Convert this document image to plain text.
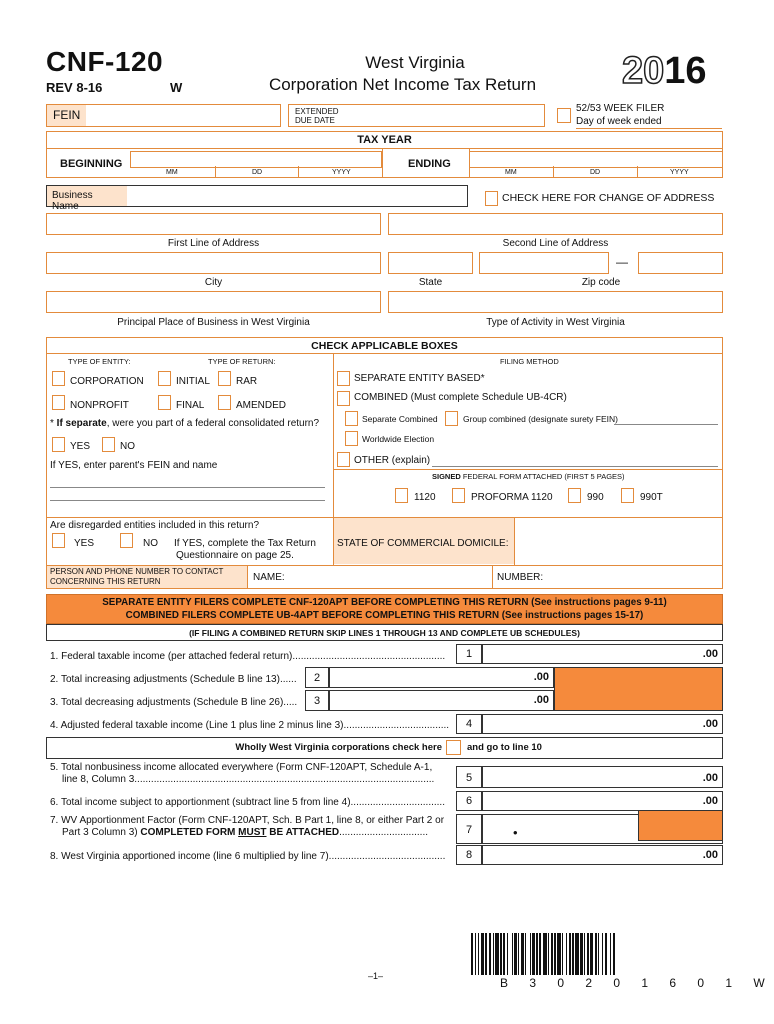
CNF-120
REV 8-16	W
West Virginia
Corporation Net Income Tax Return	2016
FEIN	EXTENDED
DUE DATE
52/53 WEEK FILER
Day of week ended
TAX YEAR
BEGINNING
MM	DD	YYYY
ENDING
MM	DD	YYYY
Business Name
CHECK HERE FOR CHANGE OF ADDRESS
First Line of Address	Second Line of Address
—
City	State	Zip code
Principal Place of Business in West Virginia	Type of Activity in West Virginia
CHECK APPLICABLE BOXES
TYPE OF ENTITY:	TYPE OF RETURN:	FILING METHOD
CORPORATION	INITIAL	RAR
NONPROFIT	FINAL	AMENDED
* If separate, were you part of a federal consolidated return?
YES	NO
If YES, enter parent's FEIN and name
SEPARATE ENTITY BASED*
COMBINED (Must complete Schedule UB-4CR)
Separate Combined	Group combined (designate surety FEIN)
Worldwide Election
OTHER (explain)
SIGNED FEDERAL FORM ATTACHED (FIRST 5 PAGES)
1120	PROFORMA 1120	990	990T
Are disregarded entities included in this return?
YES	NO If YES, complete the Tax Return
Questionnaire on page 25.
STATE OF COMMERCIAL DOMICILE:
PERSON AND PHONE NUMBER TO CONTACT
CONCERNING THIS RETURN	NAME:	NUMBER:
SEPARATE ENTITY FILERS COMPLETE CNF-120APT BEFORE COMPLETING THIS RETURN (See instructions pages 9-11)
COMBINED FILERS COMPLETE UB-4APT BEFORE COMPLETING THIS RETURN (See instructions pages 15-17)
(IF FILING A COMBINED RETURN SKIP LINES 1 THROUGH 13 AND COMPLETE UB SCHEDULES)
1. Federal taxable income (per attached federal return).......................................................	1	.00
2. Total increasing adjustments (Schedule B line 13)......	2	.00
3. Total decreasing adjustments (Schedule B line 26).....	3	.00
4. Adjusted federal taxable income (Line 1 plus line 2 minus line 3)......................................	4	.00
Wholly West Virginia corporations check here	and go to line 10
5. Total nonbusiness income allocated everywhere (Form CNF-120APT, Schedule A-1,
line 8, Column 3............................................................................................................	5	.00
6. Total income subject to apportionment (subtract line 5 from line 4)..................................	6	.00
7. WV Apportionment Factor (Form CNF-120APT, Sch. B Part 1, line 8, or either Part 2 or
Part 3 Column 3) COMPLETED FORM MUST BE ATTACHED................................	7	•
8. West Virginia apportioned income (line 6 multiplied by line 7)..........................................	8	.00
–1–	B 3 0 2 0 1 6 0 1 W
